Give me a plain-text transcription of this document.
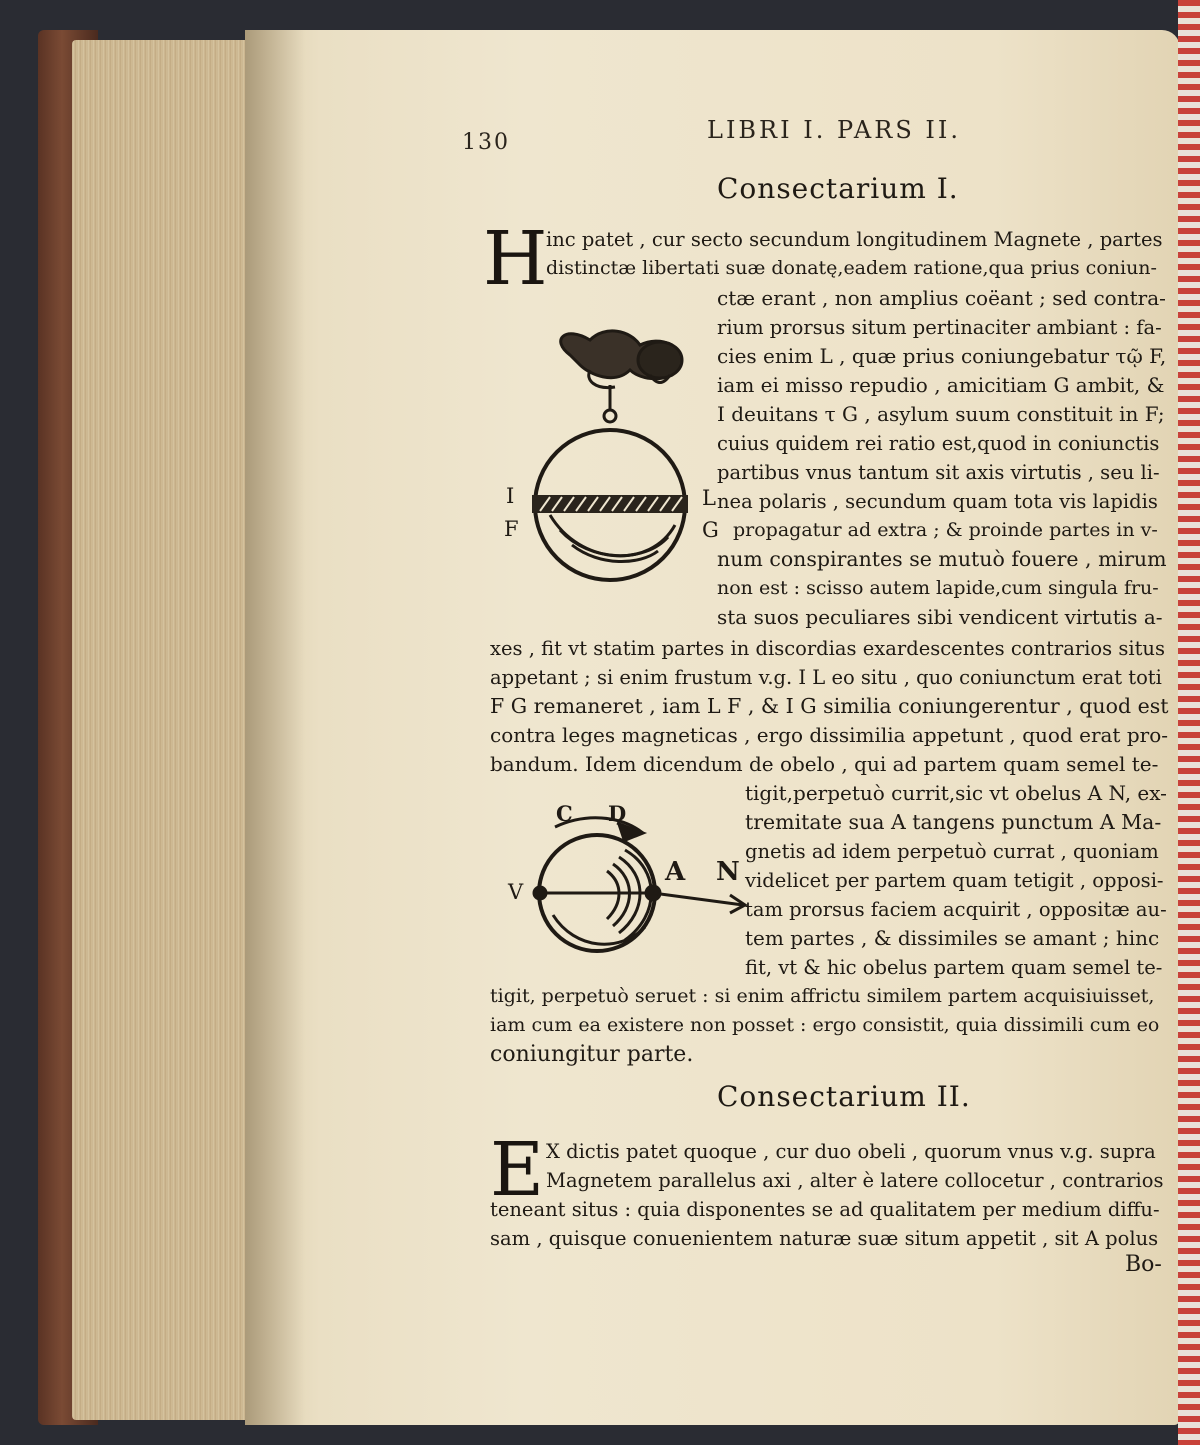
130	LIBRI I. PARS II.
Consectarium I.
H
inc patet , cur secto secundum longitudinem Magnete , partes
distinctæ libertati suæ donatę,eadem ratione,qua prius coniun-
ctæ erant , non amplius coëant ; sed contra-
rium prorsus situm pertinaciter ambiant : fa-
cies enim L , quæ prius coniungebatur τῷ F,
iam ei misso repudio , amicitiam G ambit, &
I deuitans τ G , asylum suum constituit in F;
cuius quidem rei ratio est,quod in coniunctis
partibus vnus tantum sit axis virtutis , seu li-
nea polaris , secundum quam tota vis lapidis
propagatur ad extra ; & proinde partes in v-
num conspirantes se mutuò fouere , mirum
non est : scisso autem lapide,cum singula fru-
sta suos peculiares sibi vendicent virtutis a-
xes , fit vt statim partes in discordias exardescentes contrarios situs
appetant ; si enim frustum v.g. I L eo situ , quo coniunctum erat toti
F G remaneret , iam L F , & I G similia coniungerentur , quod est
contra leges magneticas , ergo dissimilia appetunt , quod erat pro-
bandum. Idem dicendum de obelo , qui ad partem quam semel te-
tigit,perpetuò currit,sic vt obelus A N, ex-
tremitate sua A tangens punctum A Ma-
gnetis ad idem perpetuò currat , quoniam
videlicet per partem quam tetigit , opposi-
tam prorsus faciem acquirit , oppositæ au-
tem partes , & dissimiles se amant ; hinc
fit, vt & hic obelus partem quam semel te-
tigit, perpetuò seruet : si enim affrictu similem partem acquisiuisset,
iam cum ea existere non posset : ergo consistit, quia dissimili cum eo
coniungitur parte.
I
F
L
G
C D
A N
V
Consectarium II.
E X dictis patet quoque , cur duo obeli , quorum vnus v.g. supra
Magnetem parallelus axi , alter è latere collocetur , contrarios
teneant situs : quia disponentes se ad qualitatem per medium diffu-
sam , quisque conuenientem naturæ suæ situm appetit , sit A polus
Bo-
